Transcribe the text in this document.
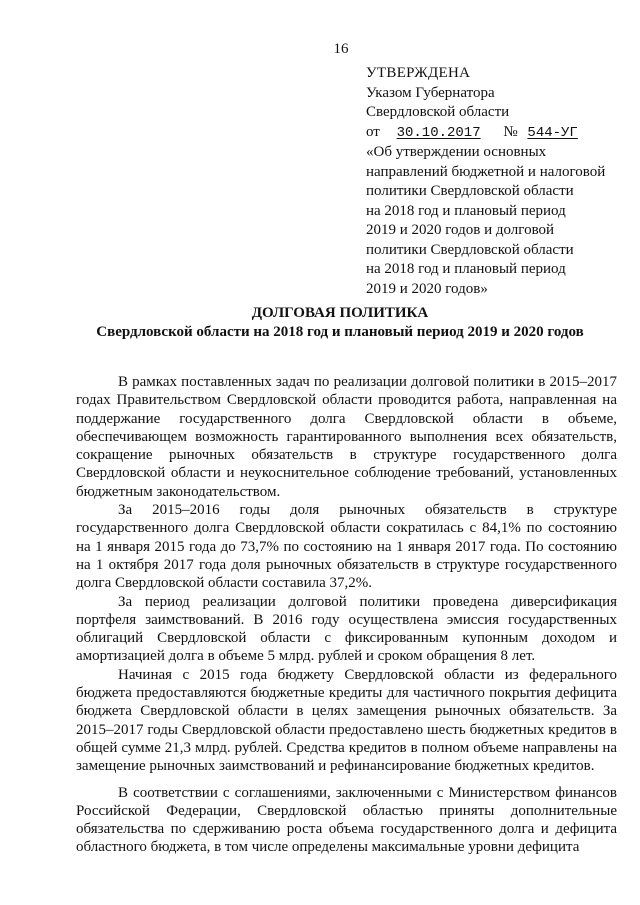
16
УТВЕРЖДЕНА
Указом Губернатора
Свердловской области
от 30.10.2017 № 544-УГ
«Об утверждении основных
направлений бюджетной и налоговой
политики Свердловской области
на 2018 год и плановый период
2019 и 2020 годов и долговой
политики Свердловской области
на 2018 год и плановый период
2019 и 2020 годов»
ДОЛГОВАЯ ПОЛИТИКА
Свердловской области на 2018 год и плановый период 2019 и 2020 годов

В рамках поставленных задач по реализации долговой политики в 2015–2017 годах Правительством Свердловской области проводится работа, направленная на поддержание государственного долга Свердловской области в объеме, обеспечивающем возможность гарантированного выполнения всех обязательств, сокращение рыночных обязательств в структуре государственного долга Свердловской области и неукоснительное соблюдение требований, установленных бюджетным законодательством.

За 2015–2016 годы доля рыночных обязательств в структуре государственного долга Свердловской области сократилась с 84,1% по состоянию на 1 января 2015 года до 73,7% по состоянию на 1 января 2017 года. По состоянию на 1 октября 2017 года доля рыночных обязательств в структуре государственного долга Свердловской области составила 37,2%.

За период реализации долговой политики проведена диверсификация портфеля заимствований. В 2016 году осуществлена эмиссия государственных облигаций Свердловской области с фиксированным купонным доходом и амортизацией долга в объеме 5 млрд. рублей и сроком обращения 8 лет.

Начиная с 2015 года бюджету Свердловской области из федерального бюджета предоставляются бюджетные кредиты для частичного покрытия дефицита бюджета Свердловской области в целях замещения рыночных обязательств. За 2015–2017 годы Свердловской области предоставлено шесть бюджетных кредитов в общей сумме 21,3 млрд. рублей. Средства кредитов в полном объеме направлены на замещение рыночных заимствований и рефинансирование бюджетных кредитов.

В соответствии с соглашениями, заключенными с Министерством финансов Российской Федерации, Свердловской областью приняты дополнительные обязательства по сдерживанию роста объема государственного долга и дефицита областного бюджета, в том числе определены максимальные уровни дефицита
